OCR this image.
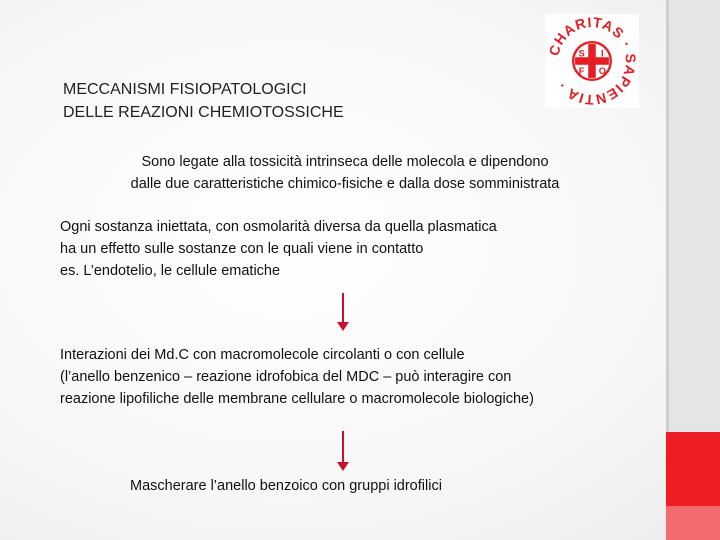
CHARITAS · SAPIENTIA ·
S I
F O
MECCANISMI FISIOPATOLOGICI
DELLE REAZIONI CHEMIOTOSSICHE
Sono legate alla tossicità intrinseca delle molecola e dipendono
dalle due caratteristiche chimico-fisiche e dalla dose somministrata
Ogni sostanza iniettata, con osmolarità diversa da quella plasmatica
ha un effetto sulle sostanze con le quali viene in contatto
es. L’endotelio, le cellule ematiche
Interazioni dei Md.C con macromolecole circolanti o con cellule
(l’anello benzenico – reazione idrofobica del MDC – può interagire con
reazione lipofiliche delle membrane cellulare o macromolecole biologiche)
Mascherare l’anello benzoico con gruppi idrofilici
